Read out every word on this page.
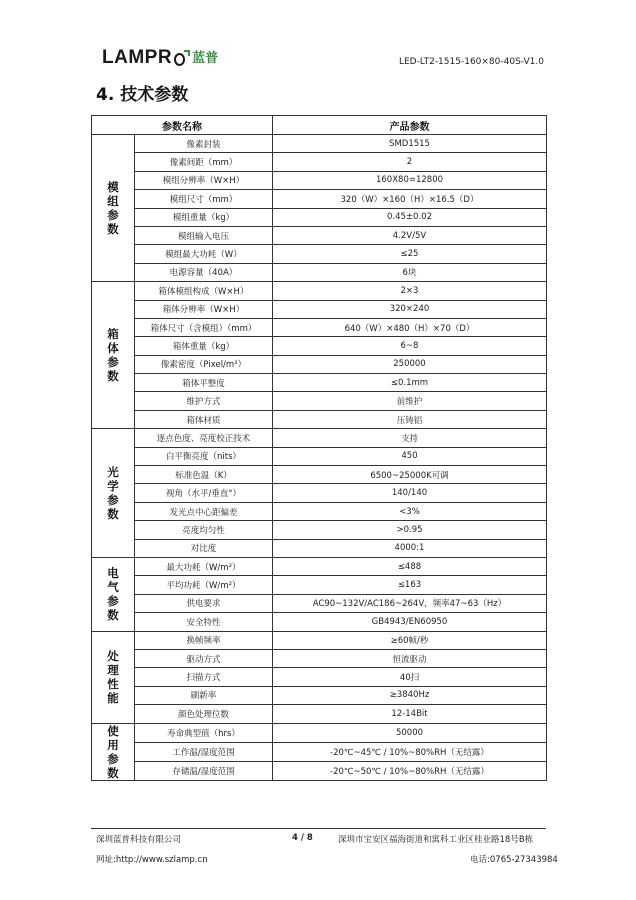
LAMPR 蓝普	LED-LT2-1515-160×80-40S-V1.0
4. 技术参数
参数名称		产品参数

模组参数	像素封装	SMD1515
	像素间距（mm）	2
	模组分辨率（W×H）	160X80=12800
	模组尺寸（mm）	320（W）×160（H）×16.5（D）
	模组重量（kg）	0.45±0.02
	模组输入电压	4.2V/5V
	模组最大功耗（W）	≤25
	电源容量（40A）	6块

箱体参数	箱体模组构成（W×H）	2×3
	箱体分辨率（W×H）	320×240
	箱体尺寸（含模组）（mm）	640（W）×480（H）×70（D）
	箱体重量（kg）	6~8
	像素密度（Pixel/m²）	250000
	箱体平整度	≤0.1mm
	维护方式	前维护
	箱体材质	压铸铝

光学参数	逐点色度、亮度校正技术	支持
	白平衡亮度（nits）	450
	标准色温（K）	6500~25000K可调
	视角（水平/垂直°）	140/140
	发光点中心距偏差	<3%
	亮度均匀性	>0.95
	对比度	4000:1

电气参数	最大功耗（W/m²）	≤488
	平均功耗（W/m²）	≤163
	供电要求	AC90~132V/AC186~264V，频率47~63（Hz）
	安全特性	GB4943/EN60950

处理性能	换帧频率	≥60帧/秒
	驱动方式	恒流驱动
	扫描方式	40扫
	刷新率	≥3840Hz
	颜色处理位数	12-14Bit

使用参数	寿命典型值（hrs）	50000
	工作温/湿度范围	-20℃~45℃ / 10%~80%RH（无结露）
	存储温/湿度范围	-20℃~50℃ / 10%~80%RH（无结露）
深圳蓝普科技有限公司	4 / 8	深圳市宝安区福海街道和寓科工业区桂业路18号B栋
网址:http://www.szlamp.cn	电话:0765-27343984
